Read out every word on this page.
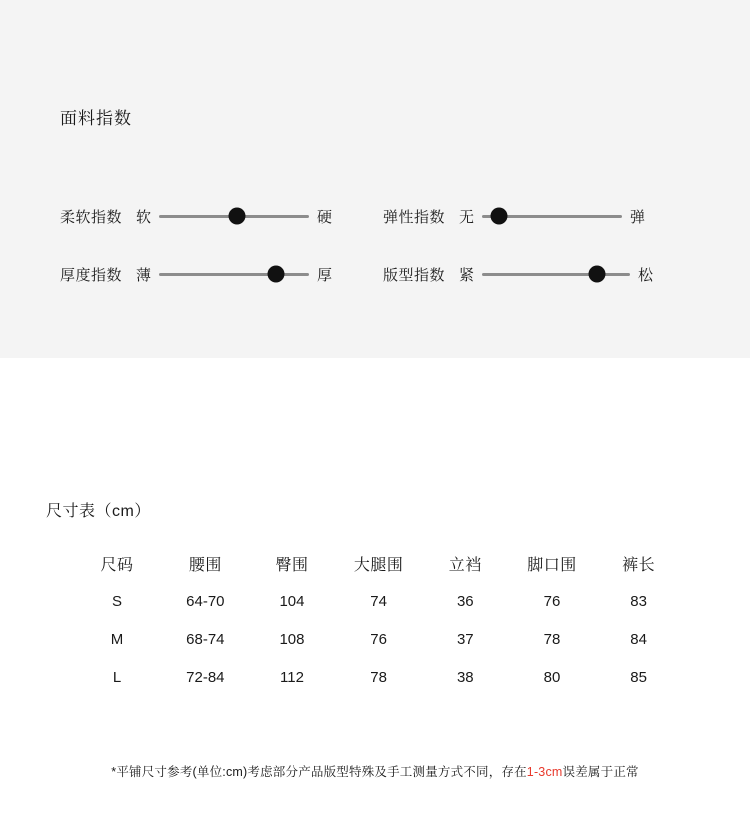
面料指数
柔软指数 软	硬
厚度指数 薄	厚
弹性指数 无	弹
版型指数 紧	松
尺寸表（cm）
尺码	腰围	臀围	大腿围	立裆	脚口围	裤长
S	64-70	104	74	36	76	83
M	68-74	108	76	37	78	84
L	72-84	112	78	38	80	85
*平铺尺寸参考(单位:cm)考虑部分产品版型特殊及手工测量方式不同，存在1-3cm误差属于正常
